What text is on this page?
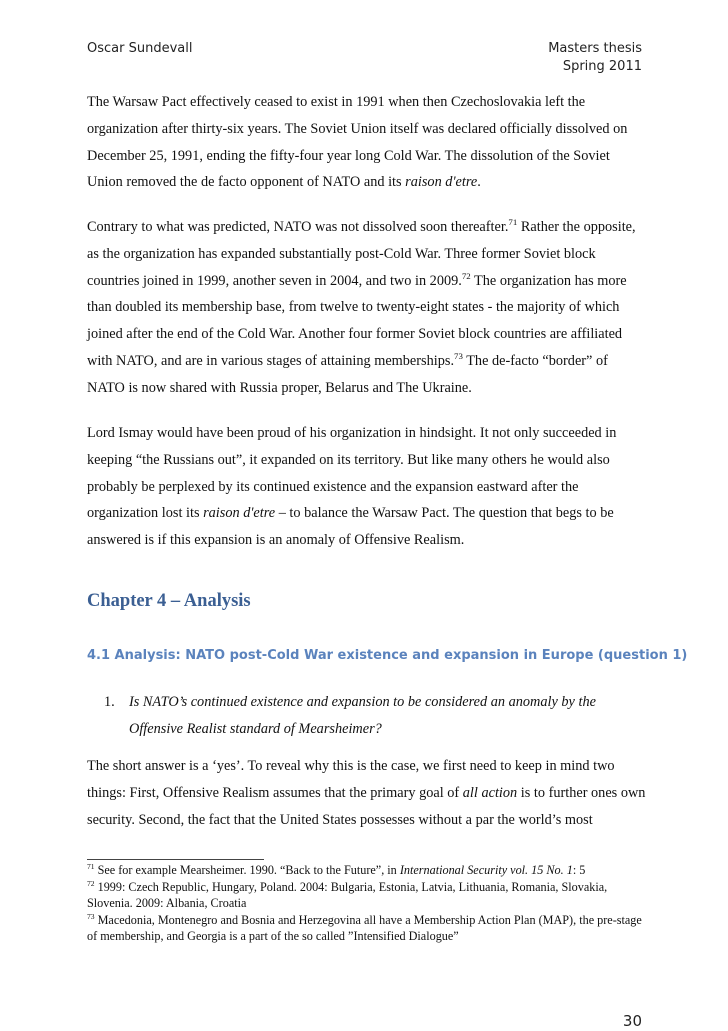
Oscar Sundevall	Masters thesis
Spring 2011

The Warsaw Pact effectively ceased to exist in 1991 when then Czechoslovakia left the organization after thirty-six years. The Soviet Union itself was declared officially dissolved on December 25, 1991, ending the fifty-four year long Cold War. The dissolution of the Soviet Union removed the de facto opponent of NATO and its raison d'etre.

Contrary to what was predicted, NATO was not dissolved soon thereafter.$^{71}$ Rather the opposite, as the organization has expanded substantially post-Cold War. Three former Soviet block countries joined in 1999, another seven in 2004, and two in 2009.72 The organization has more than doubled its membership base, from twelve to twenty-eight states - the majority of which joined after the end of the Cold War. Another four former Soviet block countries are affiliated with NATO, and are in various stages of attaining memberships.$^{73}$ The de-facto “border” of NATO is now shared with Russia proper, Belarus and The Ukraine.

Lord Ismay would have been proud of his organization in hindsight. It not only succeeded in keeping “the Russians out”, it expanded on its territory. But like many others he would also probably be perplexed by its continued existence and the expansion eastward after the organization lost its raison d'etre – to balance the Warsaw Pact. The question that begs to be answered is if this expansion is an anomaly of Offensive Realism.

Chapter 4 – Analysis
4.1 Analysis: NATO post-Cold War existence and expansion in Europe (question 1)
1. Is NATO’s continued existence and expansion to be considered an anomaly by the Offensive Realist standard of Mearsheimer?

The short answer is a ‘yes’. To reveal why this is the case, we first need to keep in mind two things: First, Offensive Realism assumes that the primary goal of all action is to further ones own security. Second, the fact that the United States possesses without a par the world’s most

$^{71}$ See for example Mearsheimer. 1990. “Back to the Future”, in International Security vol. 15 No. 1: 5
$^{72}$ 1999: Czech Republic, Hungary, Poland. 2004: Bulgaria, Estonia, Latvia, Lithuania, Romania, Slovakia, Slovenia. 2009: Albania, Croatia
$^{73}$ Macedonia, Montenegro and Bosnia and Herzegovina all have a Membership Action Plan (MAP), the pre-stage of membership, and Georgia is a part of the so called ”Intensified Dialogue”
30
